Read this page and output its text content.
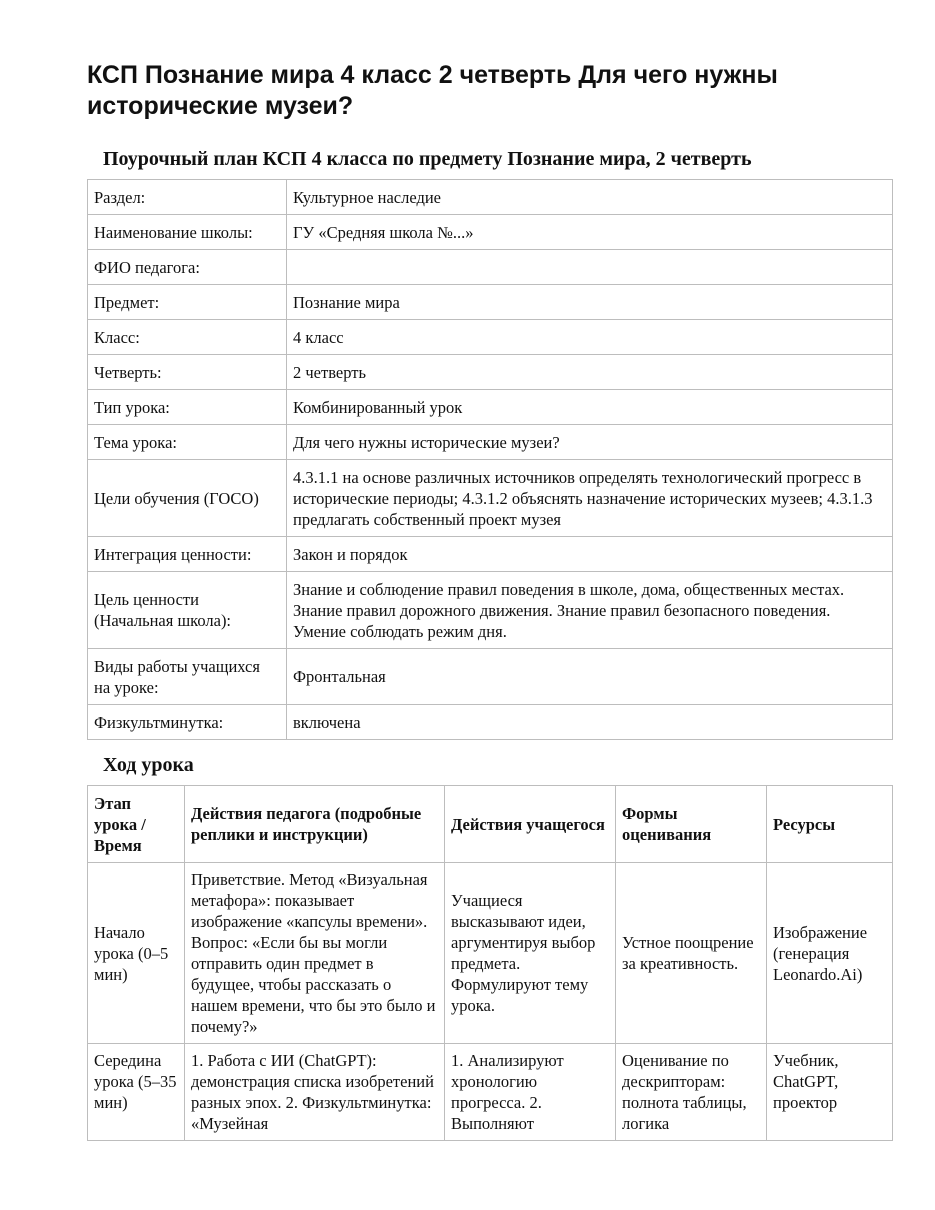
КСП Познание мира 4 класс 2 четверть Для чего нужны исторические музеи?
Поурочный план КСП 4 класса по предмету Познание мира, 2 четверть
Раздел:	Культурное наследие
Наименование школы:	ГУ «Средняя школа №...»
ФИО педагога:	
Предмет:	Познание мира
Класс:	4 класс
Четверть:	2 четверть
Тип урока:	Комбинированный урок
Тема урока:	Для чего нужны исторические музеи?
Цели обучения (ГОСО)	4.3.1.1 на основе различных источников определять технологический прогресс в исторические периоды; 4.3.1.2 объяснять назначение исторических музеев; 4.3.1.3 предлагать собственный проект музея
Интеграция ценности:	Закон и порядок
Цель ценности (Начальная школа):	Знание и соблюдение правил поведения в школе, дома, общественных местах. Знание правил дорожного движения. Знание правил безопасного поведения. Умение соблюдать режим дня.
Виды работы учащихся на уроке:	Фронтальная
Физкультминутка:	включена
Ход урока
Этап урока / Время	Действия педагога (подробные реплики и инструкции)	Действия учащегося	Формы оценивания	Ресурсы
Начало урока (0–5 мин)	Приветствие. Метод «Визуальная метафора»: показывает изображение «капсулы времени». Вопрос: «Если бы вы могли отправить один предмет в будущее, чтобы рассказать о нашем времени, что бы это было и почему?»	Учащиеся высказывают идеи, аргументируя выбор предмета. Формулируют тему урока.	Устное поощрение за креативность.	Изображение (генерация Leonardo.Ai)
Середина урока (5–35 мин)	1. Работа с ИИ (ChatGPT): демонстрация списка изобретений разных эпох. 2. Физкультминутка: «Музейная	1. Анализируют хронологию прогресса. 2. Выполняют	Оценивание по дескрипторам: полнота таблицы, логика	Учебник, ChatGPT, проектор
